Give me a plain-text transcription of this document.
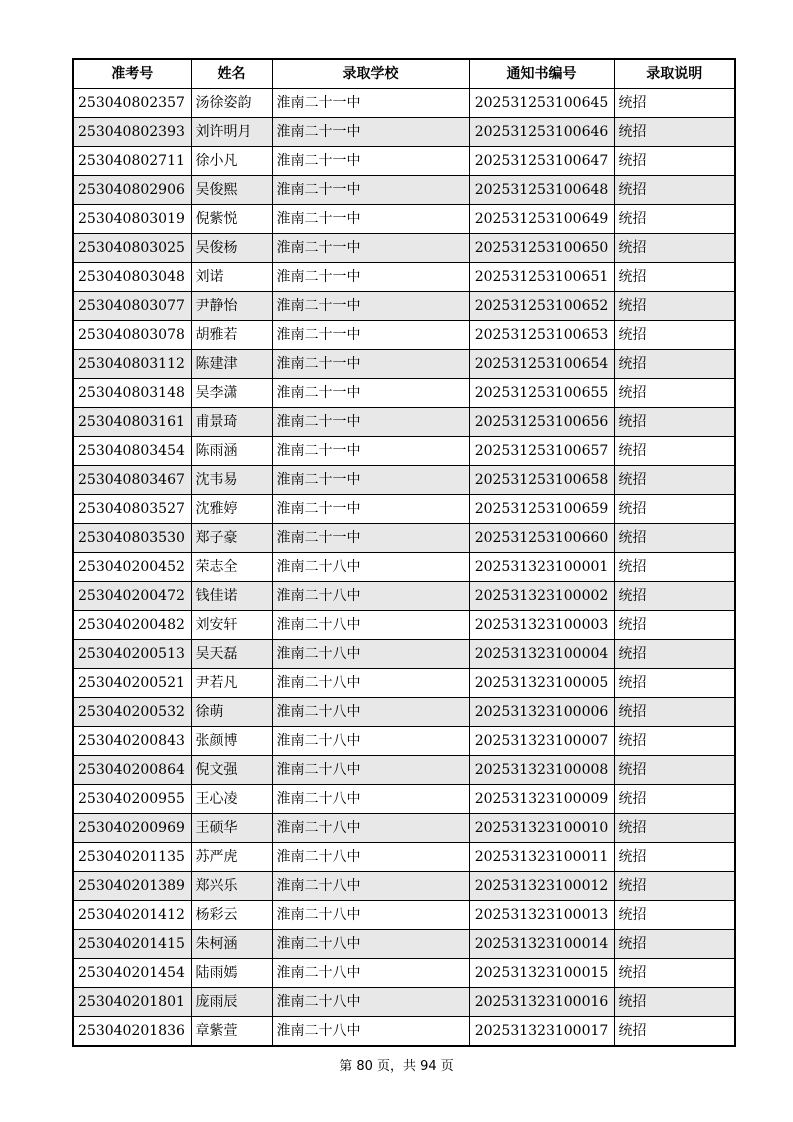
准考号	姓名	录取学校	通知书编号	录取说明
253040802357	汤徐姿韵	淮南二十一中	202531253100645	统招
253040802393	刘许明月	淮南二十一中	202531253100646	统招
253040802711	徐小凡	淮南二十一中	202531253100647	统招
253040802906	吴俊熙	淮南二十一中	202531253100648	统招
253040803019	倪紫悦	淮南二十一中	202531253100649	统招
253040803025	吴俊杨	淮南二十一中	202531253100650	统招
253040803048	刘诺	淮南二十一中	202531253100651	统招
253040803077	尹静怡	淮南二十一中	202531253100652	统招
253040803078	胡雅若	淮南二十一中	202531253100653	统招
253040803112	陈建津	淮南二十一中	202531253100654	统招
253040803148	吴李潇	淮南二十一中	202531253100655	统招
253040803161	甫景琦	淮南二十一中	202531253100656	统招
253040803454	陈雨涵	淮南二十一中	202531253100657	统招
253040803467	沈韦易	淮南二十一中	202531253100658	统招
253040803527	沈雅婷	淮南二十一中	202531253100659	统招
253040803530	郑子豪	淮南二十一中	202531253100660	统招
253040200452	荣志全	淮南二十八中	202531323100001	统招
253040200472	钱佳诺	淮南二十八中	202531323100002	统招
253040200482	刘安轩	淮南二十八中	202531323100003	统招
253040200513	吴天磊	淮南二十八中	202531323100004	统招
253040200521	尹若凡	淮南二十八中	202531323100005	统招
253040200532	徐萌	淮南二十八中	202531323100006	统招
253040200843	张颜博	淮南二十八中	202531323100007	统招
253040200864	倪文强	淮南二十八中	202531323100008	统招
253040200955	王心凌	淮南二十八中	202531323100009	统招
253040200969	王硕华	淮南二十八中	202531323100010	统招
253040201135	苏严虎	淮南二十八中	202531323100011	统招
253040201389	郑兴乐	淮南二十八中	202531323100012	统招
253040201412	杨彩云	淮南二十八中	202531323100013	统招
253040201415	朱柯涵	淮南二十八中	202531323100014	统招
253040201454	陆雨嫣	淮南二十八中	202531323100015	统招
253040201801	庞雨辰	淮南二十八中	202531323100016	统招
253040201836	章紫萱	淮南二十八中	202531323100017	统招
第 80 页，共 94 页
